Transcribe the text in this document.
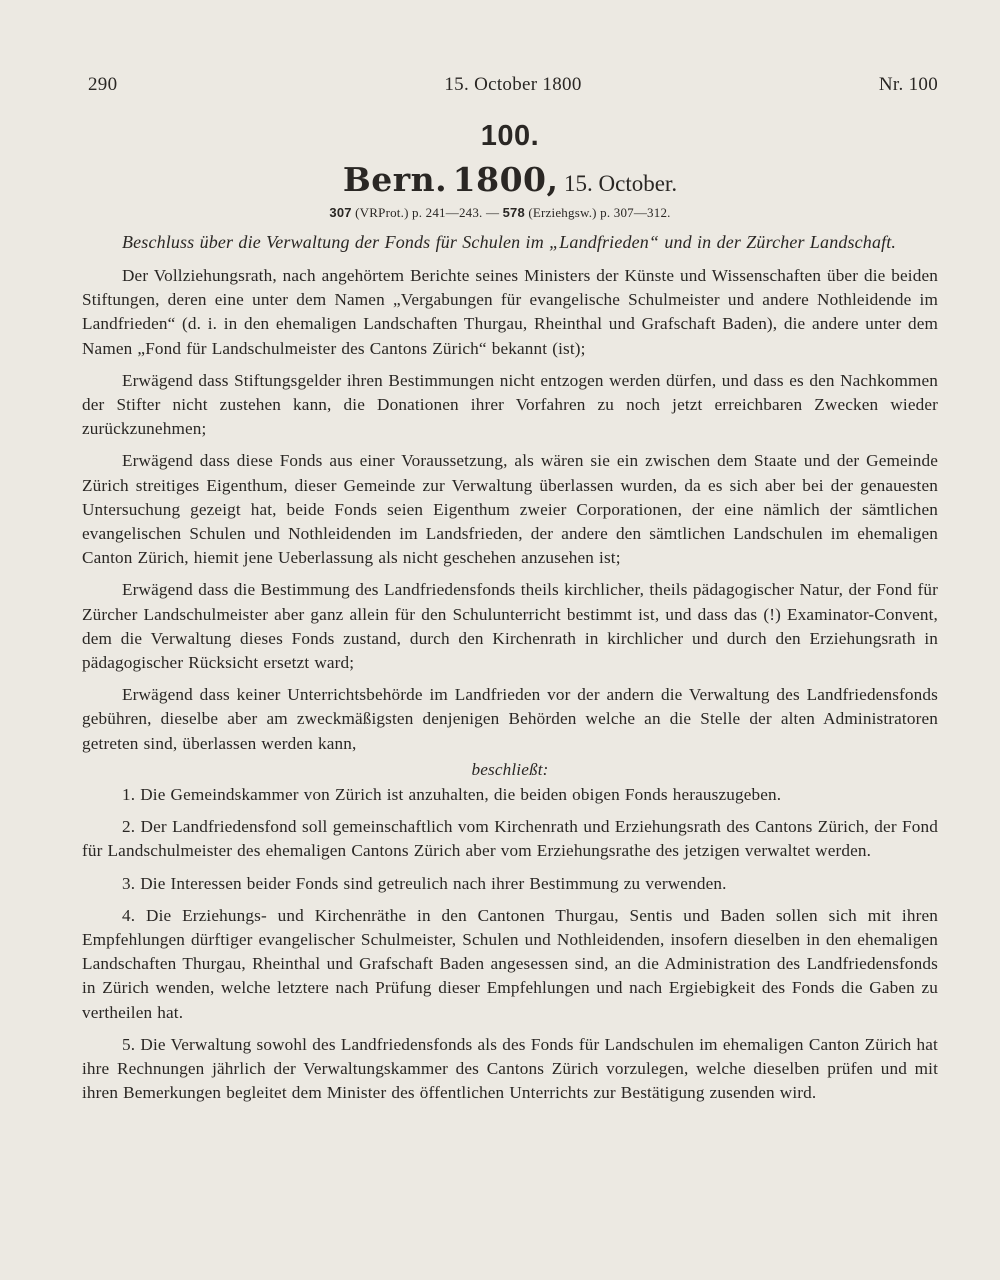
290	15. October 1800	Nr. 100
100.
Bern. 1800, 15. October.
307 (VRProt.) p. 241—243. — 578 (Erziehgsw.) p. 307—312.

Beschluss über die Verwaltung der Fonds für Schulen im „Landfrieden“ und in der Zürcher Landschaft.

Der Vollziehungsrath, nach angehörtem Berichte seines Ministers der Künste und Wissenschaften über die beiden Stiftungen, deren eine unter dem Namen „Vergabungen für evangelische Schulmeister und andere Nothleidende im Landfrieden“ (d. i. in den ehemaligen Landschaften Thurgau, Rheinthal und Grafschaft Baden), die andere unter dem Namen „Fond für Landschulmeister des Cantons Zürich“ bekannt (ist);

Erwägend dass Stiftungsgelder ihren Bestimmungen nicht entzogen werden dürfen, und dass es den Nachkommen der Stifter nicht zustehen kann, die Donationen ihrer Vorfahren zu noch jetzt erreichbaren Zwecken wieder zurückzunehmen;

Erwägend dass diese Fonds aus einer Voraussetzung, als wären sie ein zwischen dem Staate und der Gemeinde Zürich streitiges Eigenthum, dieser Gemeinde zur Verwaltung überlassen wurden, da es sich aber bei der genauesten Untersuchung gezeigt hat, beide Fonds seien Eigenthum zweier Corporationen, der eine nämlich der sämtlichen evangelischen Schulen und Nothleidenden im Landsfrieden, der andere den sämtlichen Landschulen im ehemaligen Canton Zürich, hiemit jene Ueberlassung als nicht geschehen anzusehen ist;

Erwägend dass die Bestimmung des Landfriedensfonds theils kirchlicher, theils pädagogischer Natur, der Fond für Zürcher Landschulmeister aber ganz allein für den Schulunterricht bestimmt ist, und dass das (!) Examinator-Convent, dem die Verwaltung dieses Fonds zustand, durch den Kirchenrath in kirchlicher und durch den Erziehungsrath in pädagogischer Rücksicht ersetzt ward;

Erwägend dass keiner Unterrichtsbehörde im Landfrieden vor der andern die Verwaltung des Landfriedensfonds gebühren, dieselbe aber am zweckmäßigsten denjenigen Behörden welche an die Stelle der alten Administratoren getreten sind, überlassen werden kann,

beschließt:

1. Die Gemeindskammer von Zürich ist anzuhalten, die beiden obigen Fonds herauszugeben.

2. Der Landfriedensfond soll gemeinschaftlich vom Kirchenrath und Erziehungsrath des Cantons Zürich, der Fond für Landschulmeister des ehemaligen Cantons Zürich aber vom Erziehungsrathe des jetzigen verwaltet werden.

3. Die Interessen beider Fonds sind getreulich nach ihrer Bestimmung zu verwenden.

4. Die Erziehungs- und Kirchenräthe in den Cantonen Thurgau, Sentis und Baden sollen sich mit ihren Empfehlungen dürftiger evangelischer Schulmeister, Schulen und Nothleidenden, insofern dieselben in den ehemaligen Landschaften Thurgau, Rheinthal und Grafschaft Baden angesessen sind, an die Administration des Landfriedensfonds in Zürich wenden, welche letztere nach Prüfung dieser Empfehlungen und nach Ergiebigkeit des Fonds die Gaben zu vertheilen hat.

5. Die Verwaltung sowohl des Landfriedensfonds als des Fonds für Landschulen im ehemaligen Canton Zürich hat ihre Rechnungen jährlich der Verwaltungskammer des Cantons Zürich vorzulegen, welche dieselben prüfen und mit ihren Bemerkungen begleitet dem Minister des öffentlichen Unterrichts zur Bestätigung zusenden wird.
